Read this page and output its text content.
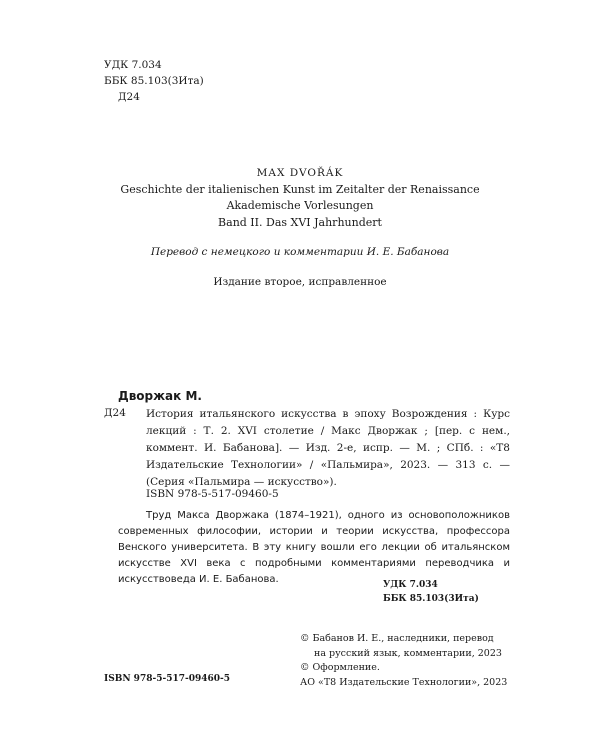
УДК 7.034
ББК 85.103(3Ита)
Д24
MAX DVOŘÁK
Geschichte der italienischen Kunst im Zeitalter der Renaissance
Akademische Vorlesungen
Band II. Das XVI Jahrhundert
Перевод с немецкого и комментарии И. Е. Бабанова
Издание второе, исправленное
Дворжак М.
Д24 История итальянского искусства в эпоху Возрождения : Курс лекций : Т. 2. XVI столетие / Макс Дворжак ; [пер. с нем., коммент. И. Бабанова]. — Изд. 2-е, испр. — М. ; СПб. : «Т8 Издательские Технологии» / «Пальмира», 2023. — 313 с. — (Серия «Пальмира — искусство»).
ISBN 978-5-517-09460-5
Труд Макса Дворжака (1874–1921), одного из основоположников современных философии, истории и теории искусства, профессора Венского университета. В эту книгу вошли его лекции об итальянском искусстве XVI века с подробными комментариями переводчика и искусствоведа И. Е. Бабанова.	УДК 7.034
ББК 85.103(3Ита)
© Бабанов И. Е., наследники, перевод
на русский язык, комментарии, 2023
© Оформление.
АО «Т8 Издательские Технологии», 2023
ISBN 978-5-517-09460-5
